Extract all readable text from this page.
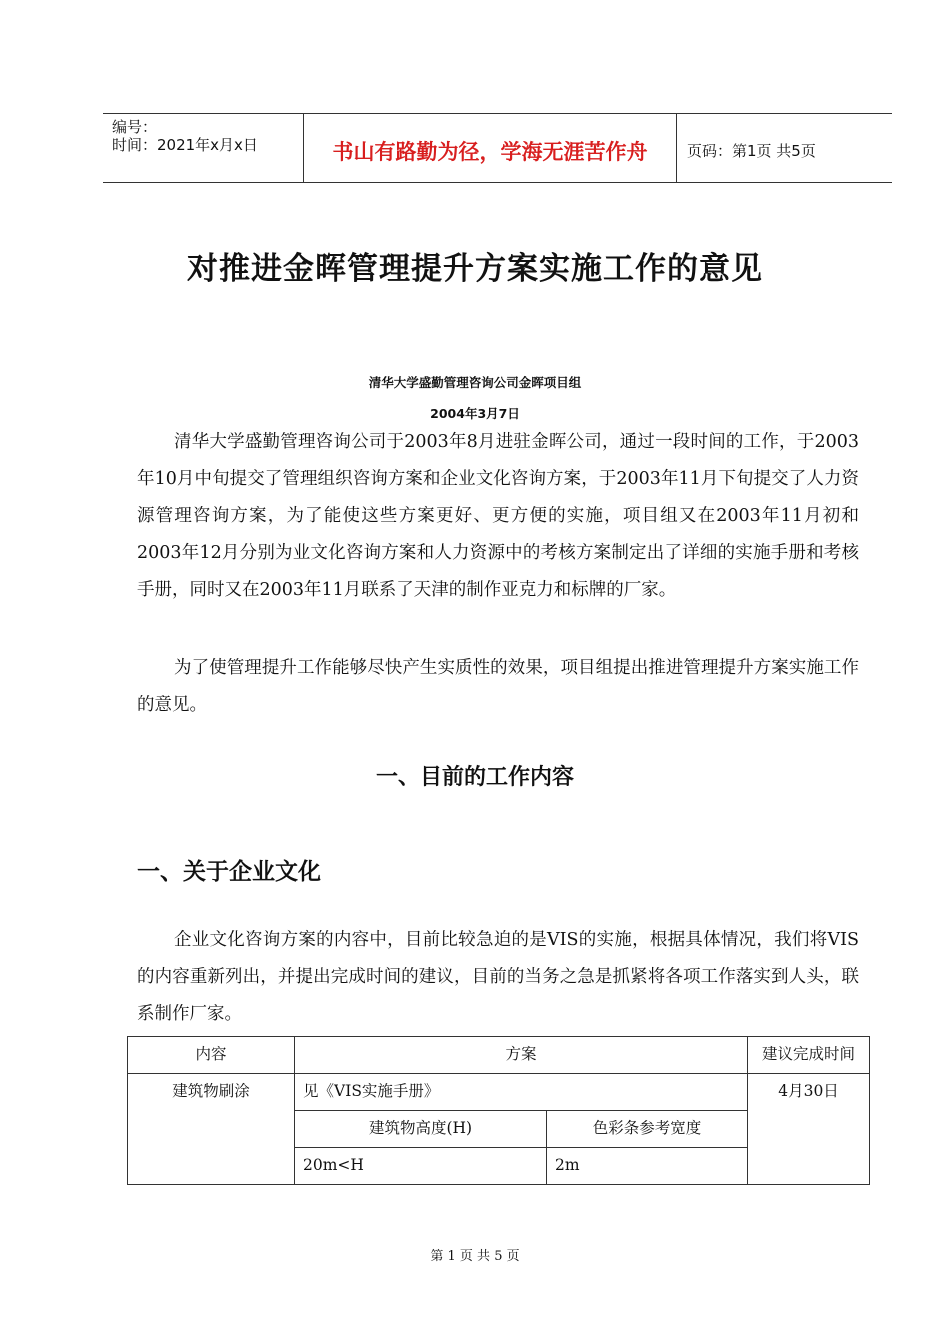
编号：
时间：2021年x月x日	书山有路勤为径，学海无涯苦作舟	页码：第1页 共5页
对推进金晖管理提升方案实施工作的意见
清华大学盛勤管理咨询公司金晖项目组
2004年3月7日

清华大学盛勤管理咨询公司于2003年8月进驻金晖公司，通过一段时间的工作，于2003年10月中旬提交了管理组织咨询方案和企业文化咨询方案，于2003年11月下旬提交了人力资源管理咨询方案，为了能使这些方案更好、更方便的实施，项目组又在2003年11月初和2003年12月分别为业文化咨询方案和人力资源中的考核方案制定出了详细的实施手册和考核手册，同时又在2003年11月联系了天津的制作亚克力和标牌的厂家。

为了使管理提升工作能够尽快产生实质性的效果，项目组提出推进管理提升方案实施工作的意见。

一、目前的工作内容
一、关于企业文化

企业文化咨询方案的内容中，目前比较急迫的是VIS的实施，根据具体情况，我们将VIS的内容重新列出，并提出完成时间的建议，目前的当务之急是抓紧将各项工作落实到人头，联系制作厂家。

内容	方案		建议完成时间
建筑物刷涂	见《VIS实施手册》		4月30日
	建筑物高度(H)	色彩条参考宽度	
	20m<H	2m	
第 1 页 共 5 页
